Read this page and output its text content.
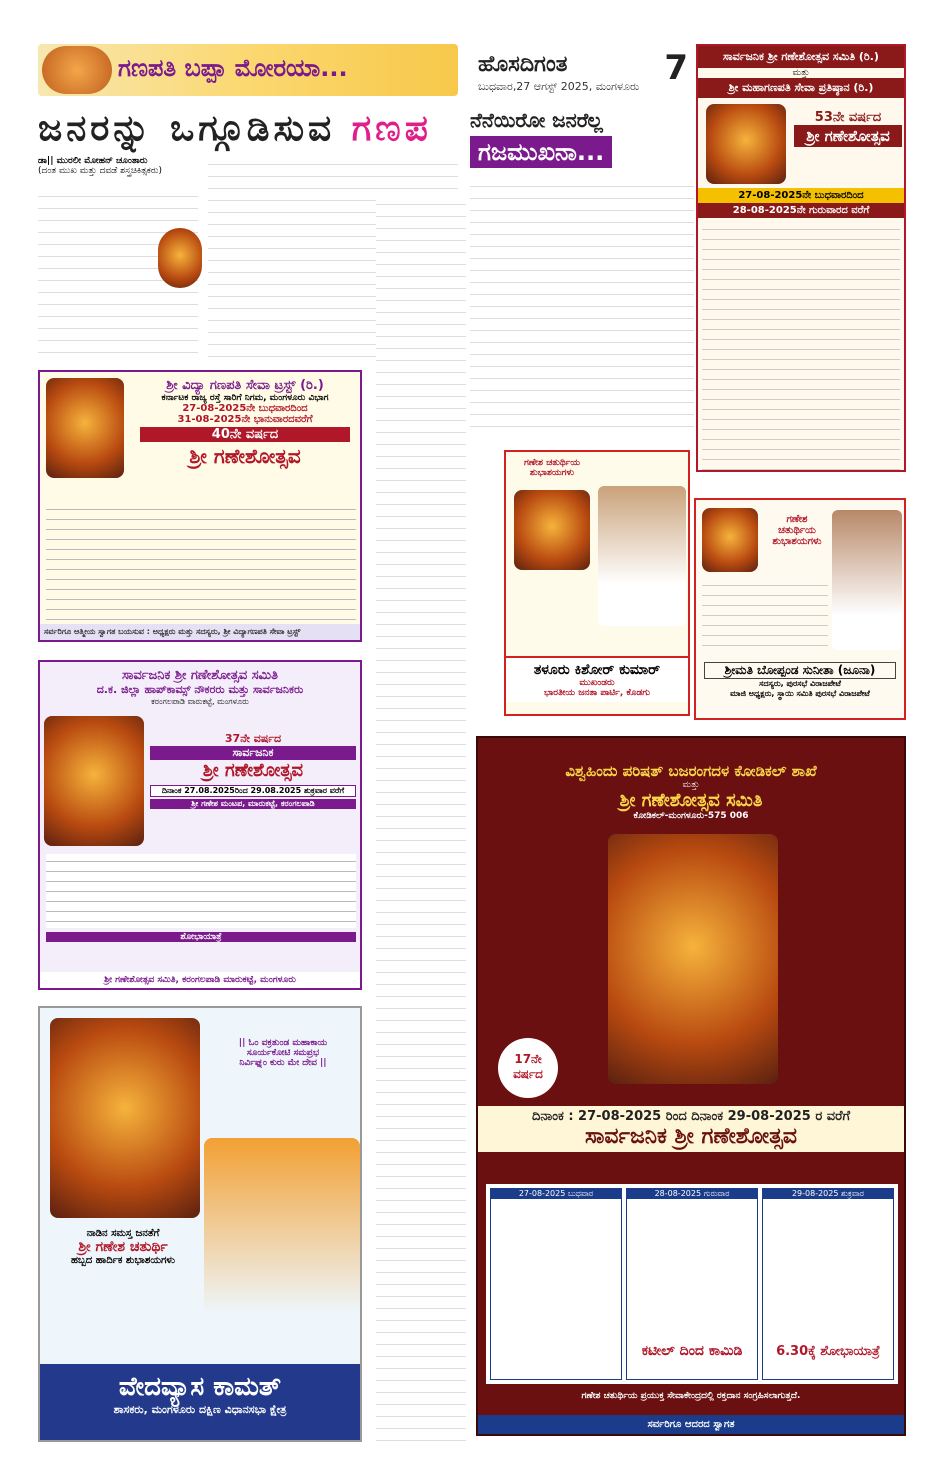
ಗಣಪತಿ ಬಪ್ಪಾ ಮೋರಯಾ...	ಹೊಸದಿಗಂತ
ಬುಧವಾರ,27 ಆಗಸ್ಟ್ 2025, ಮಂಗಳೂರು 7
ಜನರನ್ನು ಒಗ್ಗೂಡಿಸುವ ಗಣಪ
ಡಾ|| ಮುರಲೀ ಮೋಹನ್ ಚೂಂತಾರು
(ದಂತ ಮುಖ ಮತ್ತು ದವಡೆ ಶಸ್ತ್ರಚಿಕಿತ್ಸಕರು)
ನೆನೆಯಿರೋ ಜನರೆಲ್ಲ
ಗಜಮುಖನಾ...
ಸಾರ್ವಜನಿಕ ಶ್ರೀ ಗಣೇಶೋತ್ಸವ ಸಮಿತಿ (ರಿ.)
ಮತ್ತು
ಶ್ರೀ ಮಹಾಗಣಪತಿ ಸೇವಾ ಪ್ರತಿಷ್ಠಾನ (ರಿ.)
53ನೇ ವರ್ಷದ
ಶ್ರೀ ಗಣೇಶೋತ್ಸವ
27-08-2025ನೇ ಬುಧವಾರದಿಂದ
28-08-2025ನೇ ಗುರುವಾರದ ವರೆಗೆ
ಶ್ರೀ ವಿದ್ಯಾ ಗಣಪತಿ ಸೇವಾ ಟ್ರಸ್ಟ್ (ರಿ.)
ಕರ್ನಾಟಕ ರಾಜ್ಯ ರಸ್ತೆ ಸಾರಿಗೆ ನಿಗಮ, ಮಂಗಳೂರು ವಿಭಾಗ
27-08-2025ನೇ ಬುಧವಾರದಿಂದ
31-08-2025ನೇ ಭಾನುವಾರದವರೆಗೆ
40ನೇ ವರ್ಷದ
ಶ್ರೀ ಗಣೇಶೋತ್ಸವ
ಸರ್ವರಿಗೂ ಆತ್ಮೀಯ ಸ್ವಾಗತ ಬಯಸುವ : ಅಧ್ಯಕ್ಷರು ಮತ್ತು ಸದಸ್ಯರು, ಶ್ರೀ ವಿದ್ಯಾಗಣಪತಿ ಸೇವಾ ಟ್ರಸ್ಟ್
ಸಾರ್ವಜನಿಕ ಶ್ರೀ ಗಣೇಶೋತ್ಸವ ಸಮಿತಿ
ದ.ಕ. ಜಿಲ್ಲಾ ಹಾಪ್‌ಕಾಮ್ಸ್ ನೌಕರರು ಮತ್ತು ಸಾರ್ವಜನಿಕರು
ಕರಂಗಲಪಾಡಿ ವಾರುಕಟ್ಟೆ, ಮಂಗಳೂರು
37ನೇ ವರ್ಷದ
ಸಾರ್ವಜನಿಕ
ಶ್ರೀ ಗಣೇಶೋತ್ಸವ
ದಿನಾಂಕ 27.08.2025ರಿಂದ 29.08.2025 ಶುಕ್ರವಾರ ವರೆಗೆ
ಶ್ರೀ ಗಣೇಶ ಮಂಟಪ, ಮಾರುಕಟ್ಟೆ, ಕರಂಗಲಪಾಡಿ
ಶೋಭಾಯಾತ್ರೆ
ಶ್ರೀ ಗಣೇಶೋತ್ಸವ ಸಮಿತಿ, ಕರಂಗಲಪಾಡಿ ಮಾರುಕಟ್ಟೆ, ಮಂಗಳೂರು
ಗಣೇಶ ಚತುರ್ಥಿಯ
ಶುಭಾಶಯಗಳು
ತಳೂರು ಕಿಶೋರ್ ಕುಮಾರ್
ಮುಖಂಡರು
ಭಾರತೀಯ ಜನತಾ ಪಾರ್ಟಿ, ಕೊಡಗು
ಗಣೇಶ
ಚತುರ್ಥಿಯ
ಶುಭಾಶಯಗಳು
ಶ್ರೀಮತಿ ಬೋಪ್ಪಂಡ ಸುನೀತಾ (ಜೂನಾ)
ಸದಸ್ಯರು, ಪುರಸಭೆ ವಿರಾಜಪೇಟೆ
ಮಾಜಿ ಅಧ್ಯಕ್ಷರು, ಸ್ಥಾಯಿ ಸಮಿತಿ ಪುರಸಭೆ ವಿರಾಜಪೇಟೆ
ವಿಶ್ವಹಿಂದು ಪರಿಷತ್ ಬಜರಂಗದಳ ಕೋಡಿಕಲ್ ಶಾಖೆ
ಮತ್ತು
ಶ್ರೀ ಗಣೇಶೋತ್ಸವ ಸಮಿತಿ
ಕೋಡಿಕಲ್-ಮಂಗಳೂರು-575 006
17ನೇ ವರ್ಷದ
ದಿನಾಂಕ : 27-08-2025 ರಿಂದ ದಿನಾಂಕ 29-08-2025 ರ ವರೆಗೆ
ಸಾರ್ವಜನಿಕ ಶ್ರೀ ಗಣೇಶೋತ್ಸವ
27-08-2025 ಬುಧವಾರ	28-08-2025 ಗುರುವಾರ
ಕಟೀಲ್ ದಿಂದ ಕಾಮಿಡಿ
29-08-2025 ಶುಕ್ರವಾರ
6.30ಕ್ಕೆ ಶೋಭಾಯಾತ್ರೆ
ಗಣೇಶ ಚತುರ್ಥಿಯ ಪ್ರಯುಕ್ತ ಸೇವಾಕೇಂದ್ರದಲ್ಲಿ ರಕ್ತದಾನ ಸಂಗ್ರಹಿಸಲಾಗುತ್ತದೆ.
ಸರ್ವರಿಗೂ ಆದರದ ಸ್ವಾಗತ
|| ಓಂ ವಕ್ರತುಂಡ ಮಹಾಕಾಯ
ಸೂರ್ಯಕೋಟಿ ಸಮಪ್ರಭ
ನಿರ್ವಿಘ್ನಂ ಕುರು ಮೇ ದೇವ ||
ನಾಡಿನ ಸಮಸ್ತ ಜನತೆಗೆ
ಶ್ರೀ ಗಣೇಶ ಚತುರ್ಥಿ
ಹಬ್ಬದ ಹಾರ್ದಿಕ ಶುಭಾಶಯಗಳು
ವೇದವ್ಯಾಸ ಕಾಮತ್
ಶಾಸಕರು, ಮಂಗಳೂರು ದಕ್ಷಿಣ ವಿಧಾನಸಭಾ ಕ್ಷೇತ್ರ
